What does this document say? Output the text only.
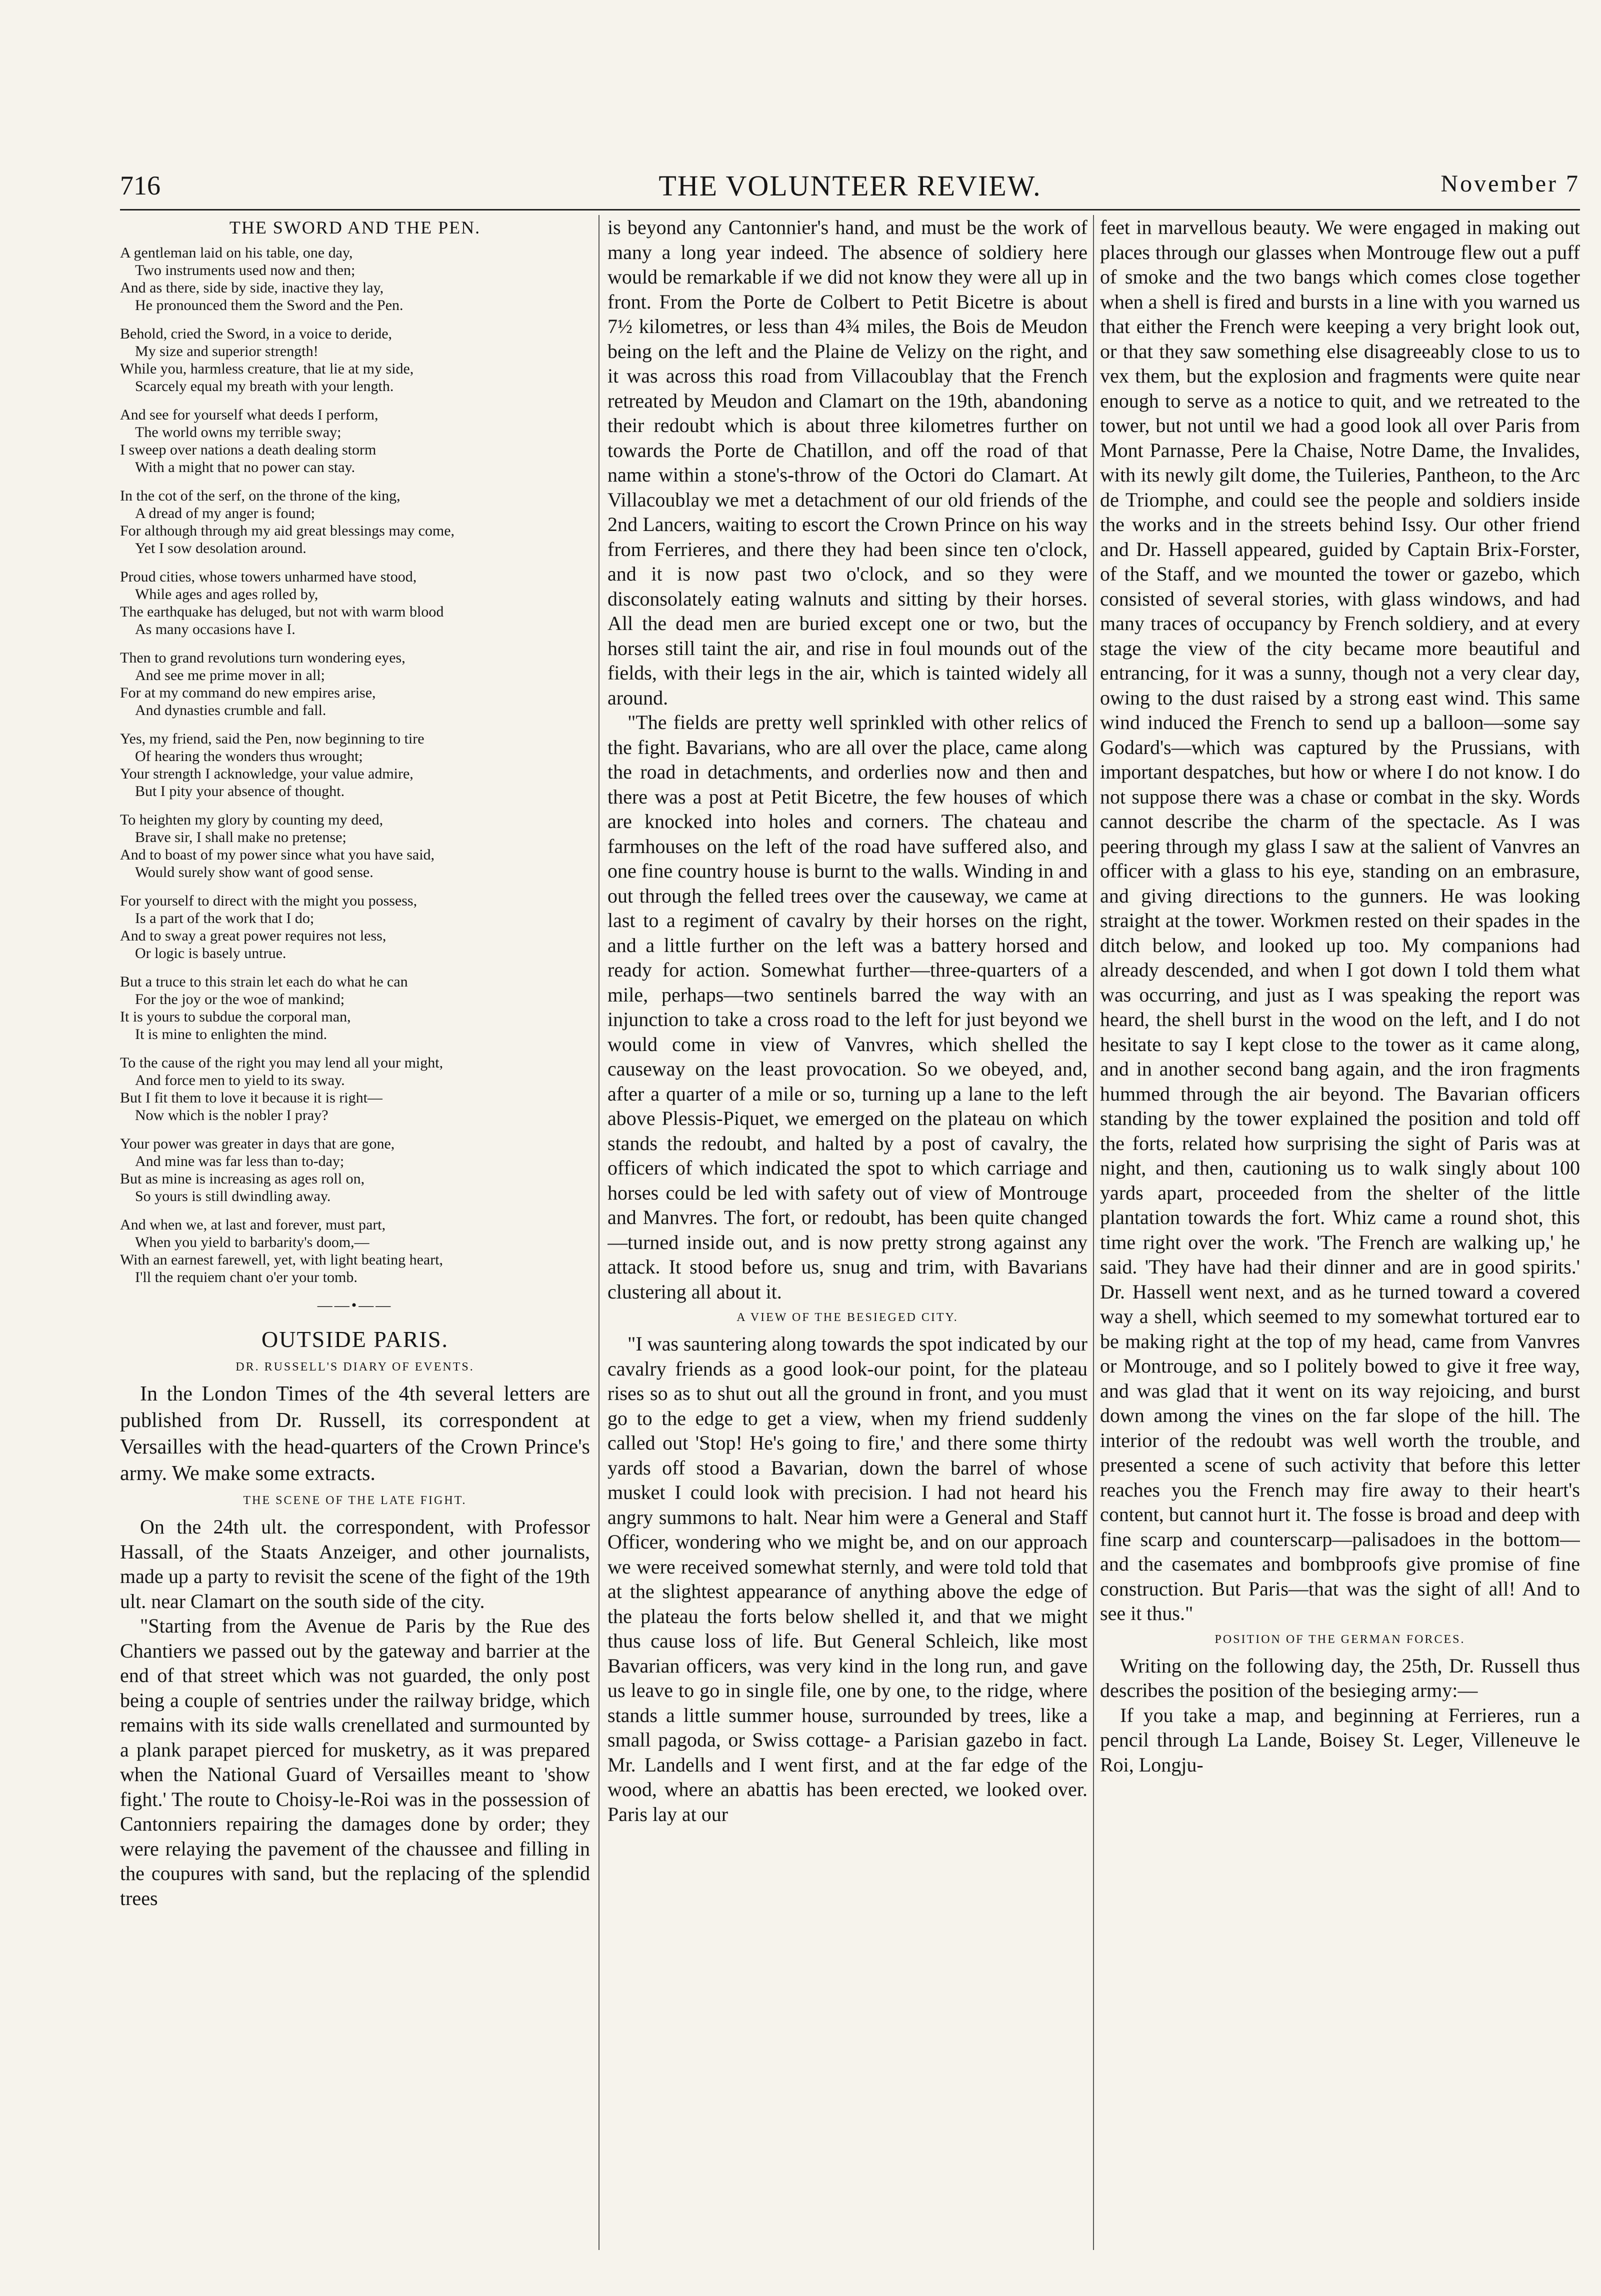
716	THE VOLUNTEER REVIEW.	November 7
THE SWORD AND THE PEN.
A gentleman laid on his table, one day,
Two instruments used now and then;
And as there, side by side, inactive they lay,
He pronounced them the Sword and the Pen.
Behold, cried the Sword, in a voice to deride,
My size and superior strength!
While you, harmless creature, that lie at my side,
Scarcely equal my breath with your length.
And see for yourself what deeds I perform,
The world owns my terrible sway;
I sweep over nations a death dealing storm
With a might that no power can stay.
In the cot of the serf, on the throne of the king,
A dread of my anger is found;
For although through my aid great blessings may come,
Yet I sow desolation around.
Proud cities, whose towers unharmed have stood,
While ages and ages rolled by,
The earthquake has deluged, but not with warm blood
As many occasions have I.
Then to grand revolutions turn wondering eyes,
And see me prime mover in all;
For at my command do new empires arise,
And dynasties crumble and fall.
Yes, my friend, said the Pen, now beginning to tire
Of hearing the wonders thus wrought;
Your strength I acknowledge, your value admire,
But I pity your absence of thought.
To heighten my glory by counting my deed,
Brave sir, I shall make no pretense;
And to boast of my power since what you have said,
Would surely show want of good sense.
For yourself to direct with the might you possess,
Is a part of the work that I do;
And to sway a great power requires not less,
Or logic is basely untrue.
But a truce to this strain let each do what he can
For the joy or the woe of mankind;
It is yours to subdue the corporal man,
It is mine to enlighten the mind.
To the cause of the right you may lend all your might,
And force men to yield to its sway.
But I fit them to love it because it is right—
Now which is the nobler I pray?
Your power was greater in days that are gone,
And mine was far less than to-day;
But as mine is increasing as ages roll on,
So yours is still dwindling away.
And when we, at last and forever, must part,
When you yield to barbarity's doom,—
With an earnest farewell, yet, with light beating heart,
I'll the requiem chant o'er your tomb.
——•——
OUTSIDE PARIS.
DR. RUSSELL'S DIARY OF EVENTS.

In the London Times of the 4th several letters are published from Dr. Russell, its correspondent at Versailles with the head-quarters of the Crown Prince's army. We make some extracts.

THE SCENE OF THE LATE FIGHT.

On the 24th ult. the correspondent, with Professor Hassall, of the Staats Anzeiger, and other journalists, made up a party to revisit the scene of the fight of the 19th ult. near Clamart on the south side of the city.

"Starting from the Avenue de Paris by the Rue des Chantiers we passed out by the gateway and barrier at the end of that street which was not guarded, the only post being a couple of sentries under the railway bridge, which remains with its side walls crenellated and surmounted by a plank parapet pierced for musketry, as it was prepared when the National Guard of Versailles meant to 'show fight.' The route to Choisy-le-Roi was in the possession of Cantonniers repairing the damages done by order; they were relaying the pavement of the chaussee and filling in the coupures with sand, but the replacing of the splendid trees

is beyond any Cantonnier's hand, and must be the work of many a long year indeed. The absence of soldiery here would be remarkable if we did not know they were all up in front. From the Porte de Colbert to Petit Bicetre is about 7½ kilometres, or less than 4¾ miles, the Bois de Meudon being on the left and the Plaine de Velizy on the right, and it was across this road from Villacoublay that the French retreated by Meudon and Clamart on the 19th, abandoning their redoubt which is about three kilometres further on towards the Porte de Chatillon, and off the road of that name within a stone's-throw of the Octori do Clamart. At Villacoublay we met a detachment of our old friends of the 2nd Lancers, waiting to escort the Crown Prince on his way from Ferrieres, and there they had been since ten o'clock, and it is now past two o'clock, and so they were disconsolately eating walnuts and sitting by their horses. All the dead men are buried except one or two, but the horses still taint the air, and rise in foul mounds out of the fields, with their legs in the air, which is tainted widely all around.

"The fields are pretty well sprinkled with other relics of the fight. Bavarians, who are all over the place, came along the road in detachments, and orderlies now and then and there was a post at Petit Bicetre, the few houses of which are knocked into holes and corners. The chateau and farmhouses on the left of the road have suffered also, and one fine country house is burnt to the walls. Winding in and out through the felled trees over the causeway, we came at last to a regiment of cavalry by their horses on the right, and a little further on the left was a battery horsed and ready for action. Somewhat further—three-quarters of a mile, perhaps—two sentinels barred the way with an injunction to take a cross road to the left for just beyond we would come in view of Vanvres, which shelled the causeway on the least provocation. So we obeyed, and, after a quarter of a mile or so, turning up a lane to the left above Plessis-Piquet, we emerged on the plateau on which stands the redoubt, and halted by a post of cavalry, the officers of which indicated the spot to which carriage and horses could be led with safety out of view of Montrouge and Manvres. The fort, or redoubt, has been quite changed—turned inside out, and is now pretty strong against any attack. It stood before us, snug and trim, with Bavarians clustering all about it.

A VIEW OF THE BESIEGED CITY.

"I was sauntering along towards the spot indicated by our cavalry friends as a good look-our point, for the plateau rises so as to shut out all the ground in front, and you must go to the edge to get a view, when my friend suddenly called out 'Stop! He's going to fire,' and there some thirty yards off stood a Bavarian, down the barrel of whose musket I could look with precision. I had not heard his angry summons to halt. Near him were a General and Staff Officer, wondering who we might be, and on our approach we were received somewhat sternly, and were told told that at the slightest appearance of anything above the edge of the plateau the forts below shelled it, and that we might thus cause loss of life. But General Schleich, like most Bavarian officers, was very kind in the long run, and gave us leave to go in single file, one by one, to the ridge, where stands a little summer house, surrounded by trees, like a small pagoda, or Swiss cottage- a Parisian gazebo in fact. Mr. Landells and I went first, and at the far edge of the wood, where an abattis has been erected, we looked over. Paris lay at our

feet in marvellous beauty. We were engaged in making out places through our glasses when Montrouge flew out a puff of smoke and the two bangs which comes close together when a shell is fired and bursts in a line with you warned us that either the French were keeping a very bright look out, or that they saw something else disagreeably close to us to vex them, but the explosion and fragments were quite near enough to serve as a notice to quit, and we retreated to the tower, but not until we had a good look all over Paris from Mont Parnasse, Pere la Chaise, Notre Dame, the Invalides, with its newly gilt dome, the Tuileries, Pantheon, to the Arc de Triomphe, and could see the people and soldiers inside the works and in the streets behind Issy. Our other friend and Dr. Hassell appeared, guided by Captain Brix-Forster, of the Staff, and we mounted the tower or gazebo, which consisted of several stories, with glass windows, and had many traces of occupancy by French soldiery, and at every stage the view of the city became more beautiful and entrancing, for it was a sunny, though not a very clear day, owing to the dust raised by a strong east wind. This same wind induced the French to send up a balloon—some say Godard's—which was captured by the Prussians, with important despatches, but how or where I do not know. I do not suppose there was a chase or combat in the sky. Words cannot describe the charm of the spectacle. As I was peering through my glass I saw at the salient of Vanvres an officer with a glass to his eye, standing on an embrasure, and giving directions to the gunners. He was looking straight at the tower. Workmen rested on their spades in the ditch below, and looked up too. My companions had already descended, and when I got down I told them what was occurring, and just as I was speaking the report was heard, the shell burst in the wood on the left, and I do not hesitate to say I kept close to the tower as it came along, and in another second bang again, and the iron fragments hummed through the air beyond. The Bavarian officers standing by the tower explained the position and told off the forts, related how surprising the sight of Paris was at night, and then, cautioning us to walk singly about 100 yards apart, proceeded from the shelter of the little plantation towards the fort. Whiz came a round shot, this time right over the work. 'The French are walking up,' he said. 'They have had their dinner and are in good spirits.' Dr. Hassell went next, and as he turned toward a covered way a shell, which seemed to my somewhat tortured ear to be making right at the top of my head, came from Vanvres or Montrouge, and so I politely bowed to give it free way, and was glad that it went on its way rejoicing, and burst down among the vines on the far slope of the hill. The interior of the redoubt was well worth the trouble, and presented a scene of such activity that before this letter reaches you the French may fire away to their heart's content, but cannot hurt it. The fosse is broad and deep with fine scarp and counterscarp—palisadoes in the bottom—and the casemates and bombproofs give promise of fine construction. But Paris—that was the sight of all! And to see it thus."

POSITION OF THE GERMAN FORCES.

Writing on the following day, the 25th, Dr. Russell thus describes the position of the besieging army:—

If you take a map, and beginning at Ferrieres, run a pencil through La Lande, Boisey St. Leger, Villeneuve le Roi, Longju-
